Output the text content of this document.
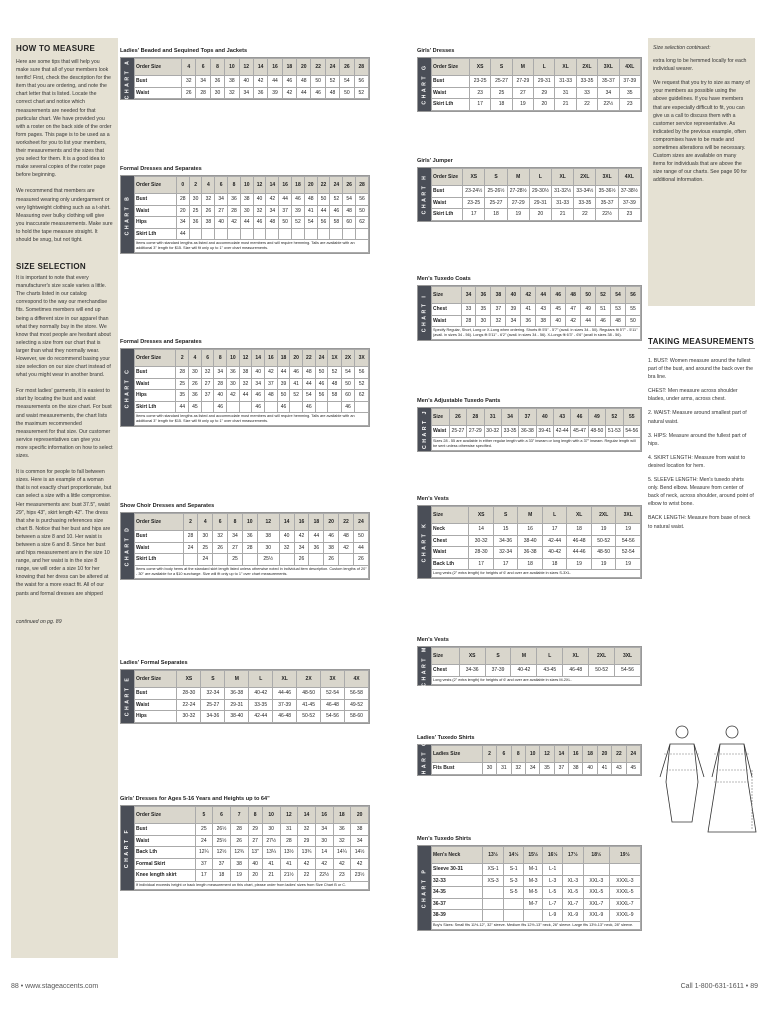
HOW TO MEASURE

Here are some tips that will help you make sure that all of your members look terrific! First, check the description for the item that you are ordering, and note the chart letter that is listed. Locate the correct chart and notice which measurements are needed for that particular chart. We have provided you with a roster on the back side of the order form pages. This page is to be used as a worksheet for you to list your members, their measurements and the sizes that you select for them. It is a good idea to make several copies of the roster page before beginning.

We recommend that members are measured wearing only undergarment or very lightweight clothing such as a t-shirt. Measuring over bulky clothing will give you inaccurate measurements. Make sure to hold the tape measure straight. It should be snug, but not tight.

SIZE SELECTION

It is important to note that every manufacturer's size scale varies a little. The charts listed in our catalog correspond to the way our merchandise fits. Sometimes members will end up being a different size in our apparel than what they normally buy in the store. We know that most people are hesitant about selecting a size from our chart that is larger than what they normally wear. However, we do recommend basing your size selection on our size chart instead of what you might wear in another brand.

For most ladies' garments, it is easiest to start by locating the bust and waist measurements on the size chart. For bust and waist measurements, the chart lists the maximum recommended measurement for that size. Our customer service representatives can give you more specific information on how to select sizes.

It is common for people to fall between sizes. Here is an example of a woman that is not exactly chart proportionate, but can select a size with a little compromise. Her measurements are: bust 37.5", waist 29", hips 43", skirt length 42". The dress that she is purchasing references size chart B. Notice that her bust and hips are between a size 8 and 10. Her waist is between a size 6 and 8. Since her bust and hips measurement are in the size 10 range, and her waist is in the size 8 range, we will order a size 10 for her knowing that her dress can be altered at the waist for a more exact fit. All of our pants and formal dresses are shipped

continued on pg. 89

Size selection continued:

extra long to be hemmed locally for each individual wearer.

We request that you try to size as many of your members as possible using the above guidelines. If you have members that are especially difficult to fit, you can give us a call to discuss them with a customer service representative. As indicated by the previous example, often compromises have to be made and sometimes alterations will be necessary. Custom sizes are available on many items for individuals that are above the size range of our charts. See page 90 for additional information.

TAKING MEASUREMENTS

1. BUST: Women measure around the fullest part of the bust, and around the back over the bra line.

CHEST: Men measure across shoulder blades, under arms, across chest.

2. WAIST: Measure around smallest part of natural waist.

3. HIPS: Measure around the fullest part of hips.

4. SKIRT LENGTH: Measure from waist to desired location for hem.

5. SLEEVE LENGTH: Men's tuxedo shirts only. Bend elbow. Measure from center of back of neck, across shoulder, around point of elbow to wrist bone.

BACK LENGTH: Measure from base of neck to natural waist.

Ladies' Beaded and Sequined Tops and Jackets
CHART A Order Size	4	6	8	10	12	14	16	18	20	22	24	26	28
Bust	32	34	36	38	40	42	44	46	48	50	52	54	56
Waist	26	28	30	32	34	36	39	42	44	46	48	50	52
Formal Dresses and Separates
CHART B
Order Size	0	2	4	6	8	10	12	14	16	18	20	22	24	26	28
Bust	28	30	32	34	36	38	40	42	44	46	48	50	52	54	56
Waist	20	25	26	27	28	30	32	34	37	39	41	44	46	48	50
Hips	34	36	38	40	42	44	46	48	50	52	54	56	58	60	62
Skirt Lth	44														
Items come with standard lengths as listed and accommodate most members and will require hemming. Talls are available with an additional 3" length for $15. Size will fit only up to 1" over chart measurements.															
Formal Dresses and Separates
CHART C
Order Size	2	4	6	8	10	12	14	16	18	20	22	24	1X	2X	3X
Bust	28	30	32	34	36	38	40	42	44	46	48	50	52	54	56
Waist	25	26	27	28	30	32	34	37	39	41	44	46	48	50	52
Hips	35	36	37	40	42	44	46	48	50	52	54	56	58	60	62
Skirt Lth	44	45		46			46		46		46			46	
Items come with standard lengths as listed and accommodate most members and will require hemming. Talls are available with an additional 3" length for $15. Size will fit only up to 1" over chart measurements.															
Show Choir Dresses and Separates
CHART D
Order Size	2	4	6	8	10	12	14	16	18	20	22	24
Bust	28	30	32	34	36	38	40	42	44	46	48	50
Waist	24	25	26	27	28	30	32	34	36	38	42	44
Skirt Lth		24		25		25½		26		26		26
Items come with body hems at the standard skirt length listed unless otherwise noted in individual item description. Custom lengths of 20" - 30" are available for a $10 surcharge. Size will fit only up to 1" over chart measurements.												
Ladies' Formal Separates
CHART E Order Size	XS	S	M	L	XL	2X	3X	4X
Bust	28-30	32-34	36-38	40-42	44-46	48-50	52-54	56-58
Waist	22-24	25-27	29-31	33-35	37-39	41-45	46-48	49-52
Hips	30-32	34-36	38-40	42-44	46-48	50-52	54-56	58-60
Girls' Dresses for Ages 5-16 Years and Heights up to 64"
CHART F
Order Size	5	6	7	8	10	12	14	16	18	20
Bust	25	26½	28	29	30	31	32	34	36	38
Waist	24	25½	26	27	27½	28	29	30	32	34
Back Lth	12¼	12½	12¾	13"	13¼	13½	13¾	14	14¼	14½
Formal Skirt	37	37	38	40	41	41	42	42	42	42
Knee length skirt	17	18	19	20	21	21½	22	22½	23	23½
If individual exceeds height or back length measurement on this chart, please order from ladies' sizes from Size Chart B or C.										
Girls' Dresses
CHART G Order Size	XS	S	M	L	XL	2XL	3XL	4XL
Bust	23-25	25-27	27-29	29-31	31-33	33-35	35-37	37-39
Waist	23	25	27	29	31	33	34	35
Skirt Lth	17	18	19	20	21	22	22½	23
Girls' Jumper
CHART H Order Size	XS	S	M	L	XL	2XL	3XL	4XL
Bust	23-24½	25-26½	27-28½	29-30½	31-32½	33-34½	35-36½	37-38½
Waist	23-25	25-27	27-29	29-31	31-33	33-35	35-37	37-39
Skirt Lth	17	18	19	20	21	22	22½	23
Men's Tuxedo Coats
CHART I Size	34	36	38	40	42	44	46	48	50	52	54	56
Chest	33	35	37	39	41	43	45	47	49	51	53	55
Waist	28	30	32	34	36	38	40	42	44	46	48	50
Specify Regular, Short, Long or X-Long when ordering. Shorts fit 5'5" - 5'7" (avail. in sizes 34 - 50). Regulars fit 5'7" - 5'11" (avail. in sizes 34 - 56). Longs fit 5'11" - 6'2" (avail. in sizes 34 - 56). X-Longs fit 6'3" - 6'6" (avail in sizes 38 - 56).												
Men's Adjustable Tuxedo Pants
CHART J Size	26	28	31	34	37	40	43	46	49	52	55
Waist	25-27	27-29	30-32	33-35	36-38	39-41	42-44	45-47	48-50	51-53	54-56
Sizes 28 - 55 are available in either regular length with a 33" inseam or long length with a 37" inseam. Regular length will be sent unless otherwise specified.											
Men's Vests
CHART K
Size	XS	S	M	L	XL	2XL	3XL
Neck	14	15	16	17	18	19	19
Chest	30-32	34-36	38-40	42-44	46-48	50-52	54-56
Waist	28-30	32-34	36-38	40-42	44-46	48-50	52-54
Back Lth	17	17	18	18	19	19	19
Long vests (2" extra length) for heights of 6' and over are available in sizes S-3XL.							
Men's Vests
CHART M Size	XS	S	M	L	XL	2XL	3XL
Chest	34-36	37-39	40-42	43-45	46-48	50-52	54-56
Long vests (2" extra length) for heights of 6' and over are available in sizes M-2XL.							
Ladies' Tuxedo Shirts
CHART O Ladies Size	2	6	8	10	12	14	16	18	20	22	24
Fits Bust	30	31	32	34	35	37	38	40	41	43	45
Men's Tuxedo Shirts
CHART P
Men's Neck	13½	14½	15½	16½	17½	18½	19½
Sleeve 30-31	XS-1	S-1	M-1	L-1			
32-33	XS-3	S-3	M-3	L-3	XL-3	XXL-3	XXXL-3
34-35		S-5	M-5	L-5	XL-5	XXL-5	XXXL-5
36-37			M-7	L-7	XL-7	XXL-7	XXXL-7
38-39				L-9	XL-9	XXL-9	XXXL-9
Boy's Sizes: Small fits 11½-12", 32" sleeve. Medium fits 12½-13" neck, 26" sleeve. Large fits 13½-13" neck, 28" sleeve.							
88 • www.stageaccents.com	Call 1-800-631-1611 • 89
